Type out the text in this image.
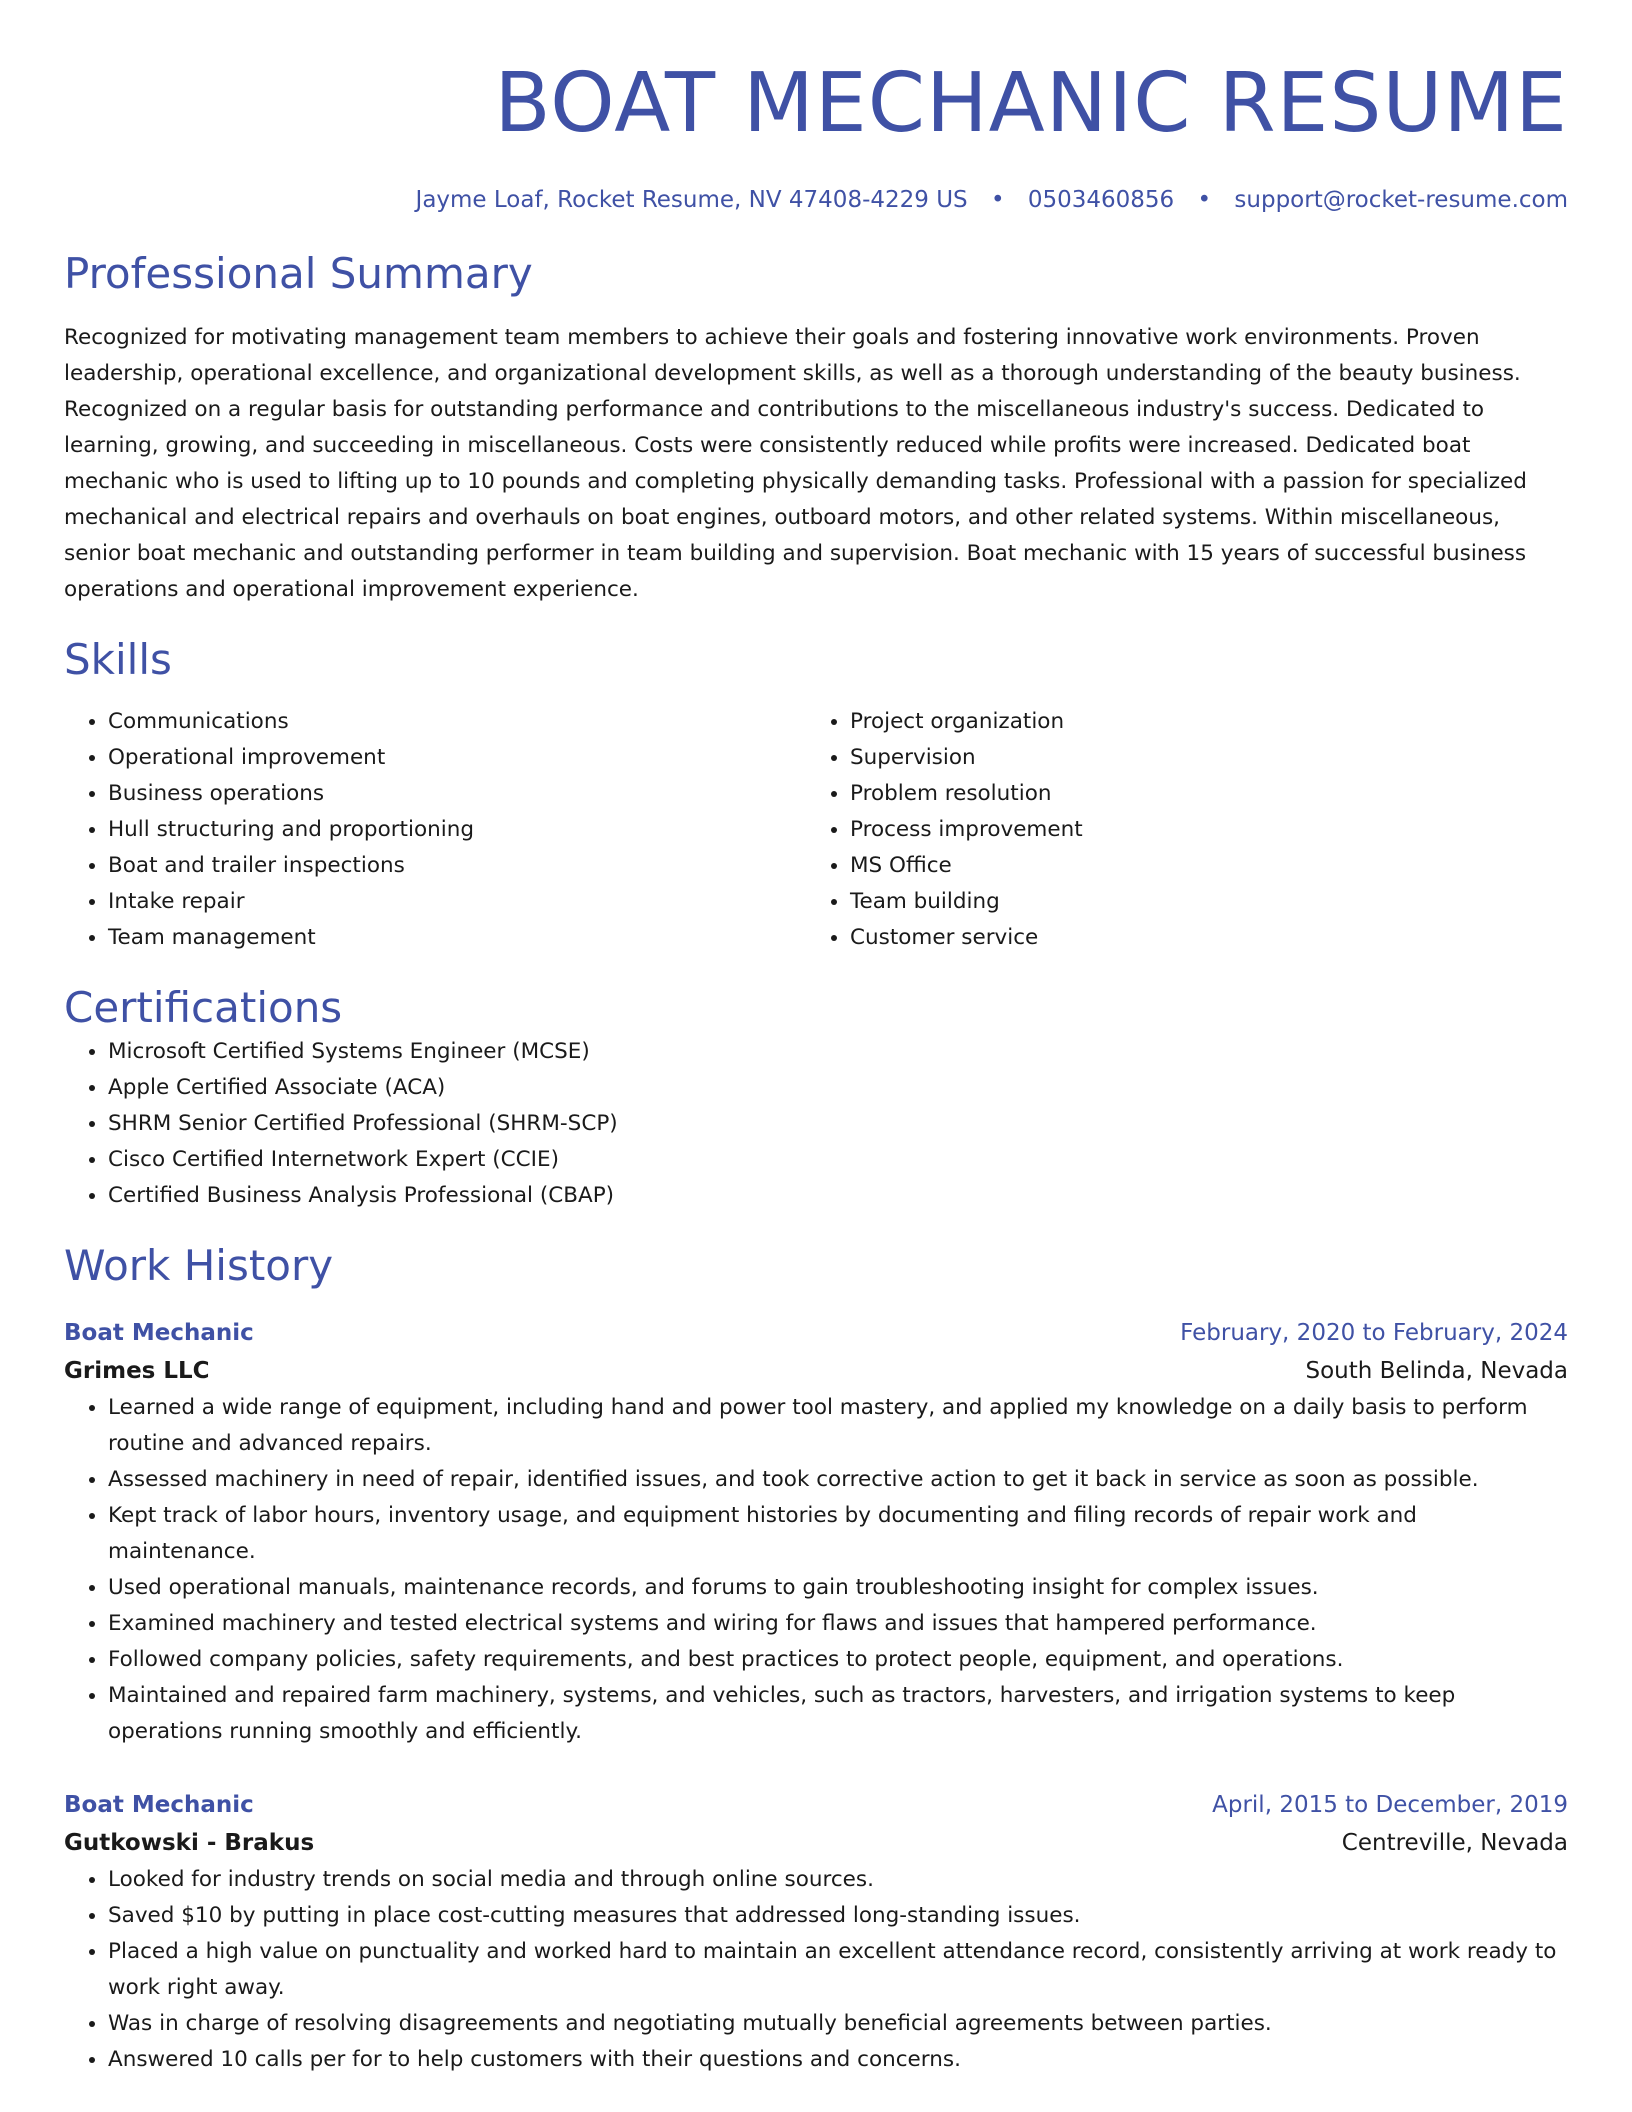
BOAT MECHANIC RESUME
Jayme Loaf, Rocket Resume, NV 47408-4229 US • 0503460856 • support@rocket-resume.com
Professional Summary

Recognized for motivating management team members to achieve their goals and fostering innovative work environments. Proven leadership, operational excellence, and organizational development skills, as well as a thorough understanding of the beauty business. Recognized on a regular basis for outstanding performance and contributions to the miscellaneous industry's success. Dedicated to learning, growing, and succeeding in miscellaneous. Costs were consistently reduced while profits were increased. Dedicated boat mechanic who is used to lifting up to 10 pounds and completing physically demanding tasks. Professional with a passion for specialized mechanical and electrical repairs and overhauls on boat engines, outboard motors, and other related systems. Within miscellaneous, senior boat mechanic and outstanding performer in team building and supervision. Boat mechanic with 15 years of successful business operations and operational improvement experience.

Skills
• Communications
• Operational improvement
• Business operations
• Hull structuring and proportioning
• Boat and trailer inspections
• Intake repair
• Team management
• Project organization
• Supervision
• Problem resolution
• Process improvement
• MS Office
• Team building
• Customer service
Certifications
• Microsoft Certified Systems Engineer (MCSE)
• Apple Certified Associate (ACA)
• SHRM Senior Certified Professional (SHRM-SCP)
• Cisco Certified Internetwork Expert (CCIE)
• Certified Business Analysis Professional (CBAP)
Work History
Boat Mechanic	February, 2020 to February, 2024
Grimes LLC	South Belinda, Nevada
• Learned a wide range of equipment, including hand and power tool mastery, and applied my knowledge on a daily basis to perform routine and advanced repairs.
• Assessed machinery in need of repair, identified issues, and took corrective action to get it back in service as soon as possible.
• Kept track of labor hours, inventory usage, and equipment histories by documenting and filing records of repair work and maintenance.
• Used operational manuals, maintenance records, and forums to gain troubleshooting insight for complex issues.
• Examined machinery and tested electrical systems and wiring for flaws and issues that hampered performance.
• Followed company policies, safety requirements, and best practices to protect people, equipment, and operations.
• Maintained and repaired farm machinery, systems, and vehicles, such as tractors, harvesters, and irrigation systems to keep operations running smoothly and efficiently.
Boat Mechanic	April, 2015 to December, 2019
Gutkowski - Brakus	Centreville, Nevada
• Looked for industry trends on social media and through online sources.
• Saved $10 by putting in place cost-cutting measures that addressed long-standing issues.
• Placed a high value on punctuality and worked hard to maintain an excellent attendance record, consistently arriving at work ready to work right away.
• Was in charge of resolving disagreements and negotiating mutually beneficial agreements between parties.
• Answered 10 calls per for to help customers with their questions and concerns.
